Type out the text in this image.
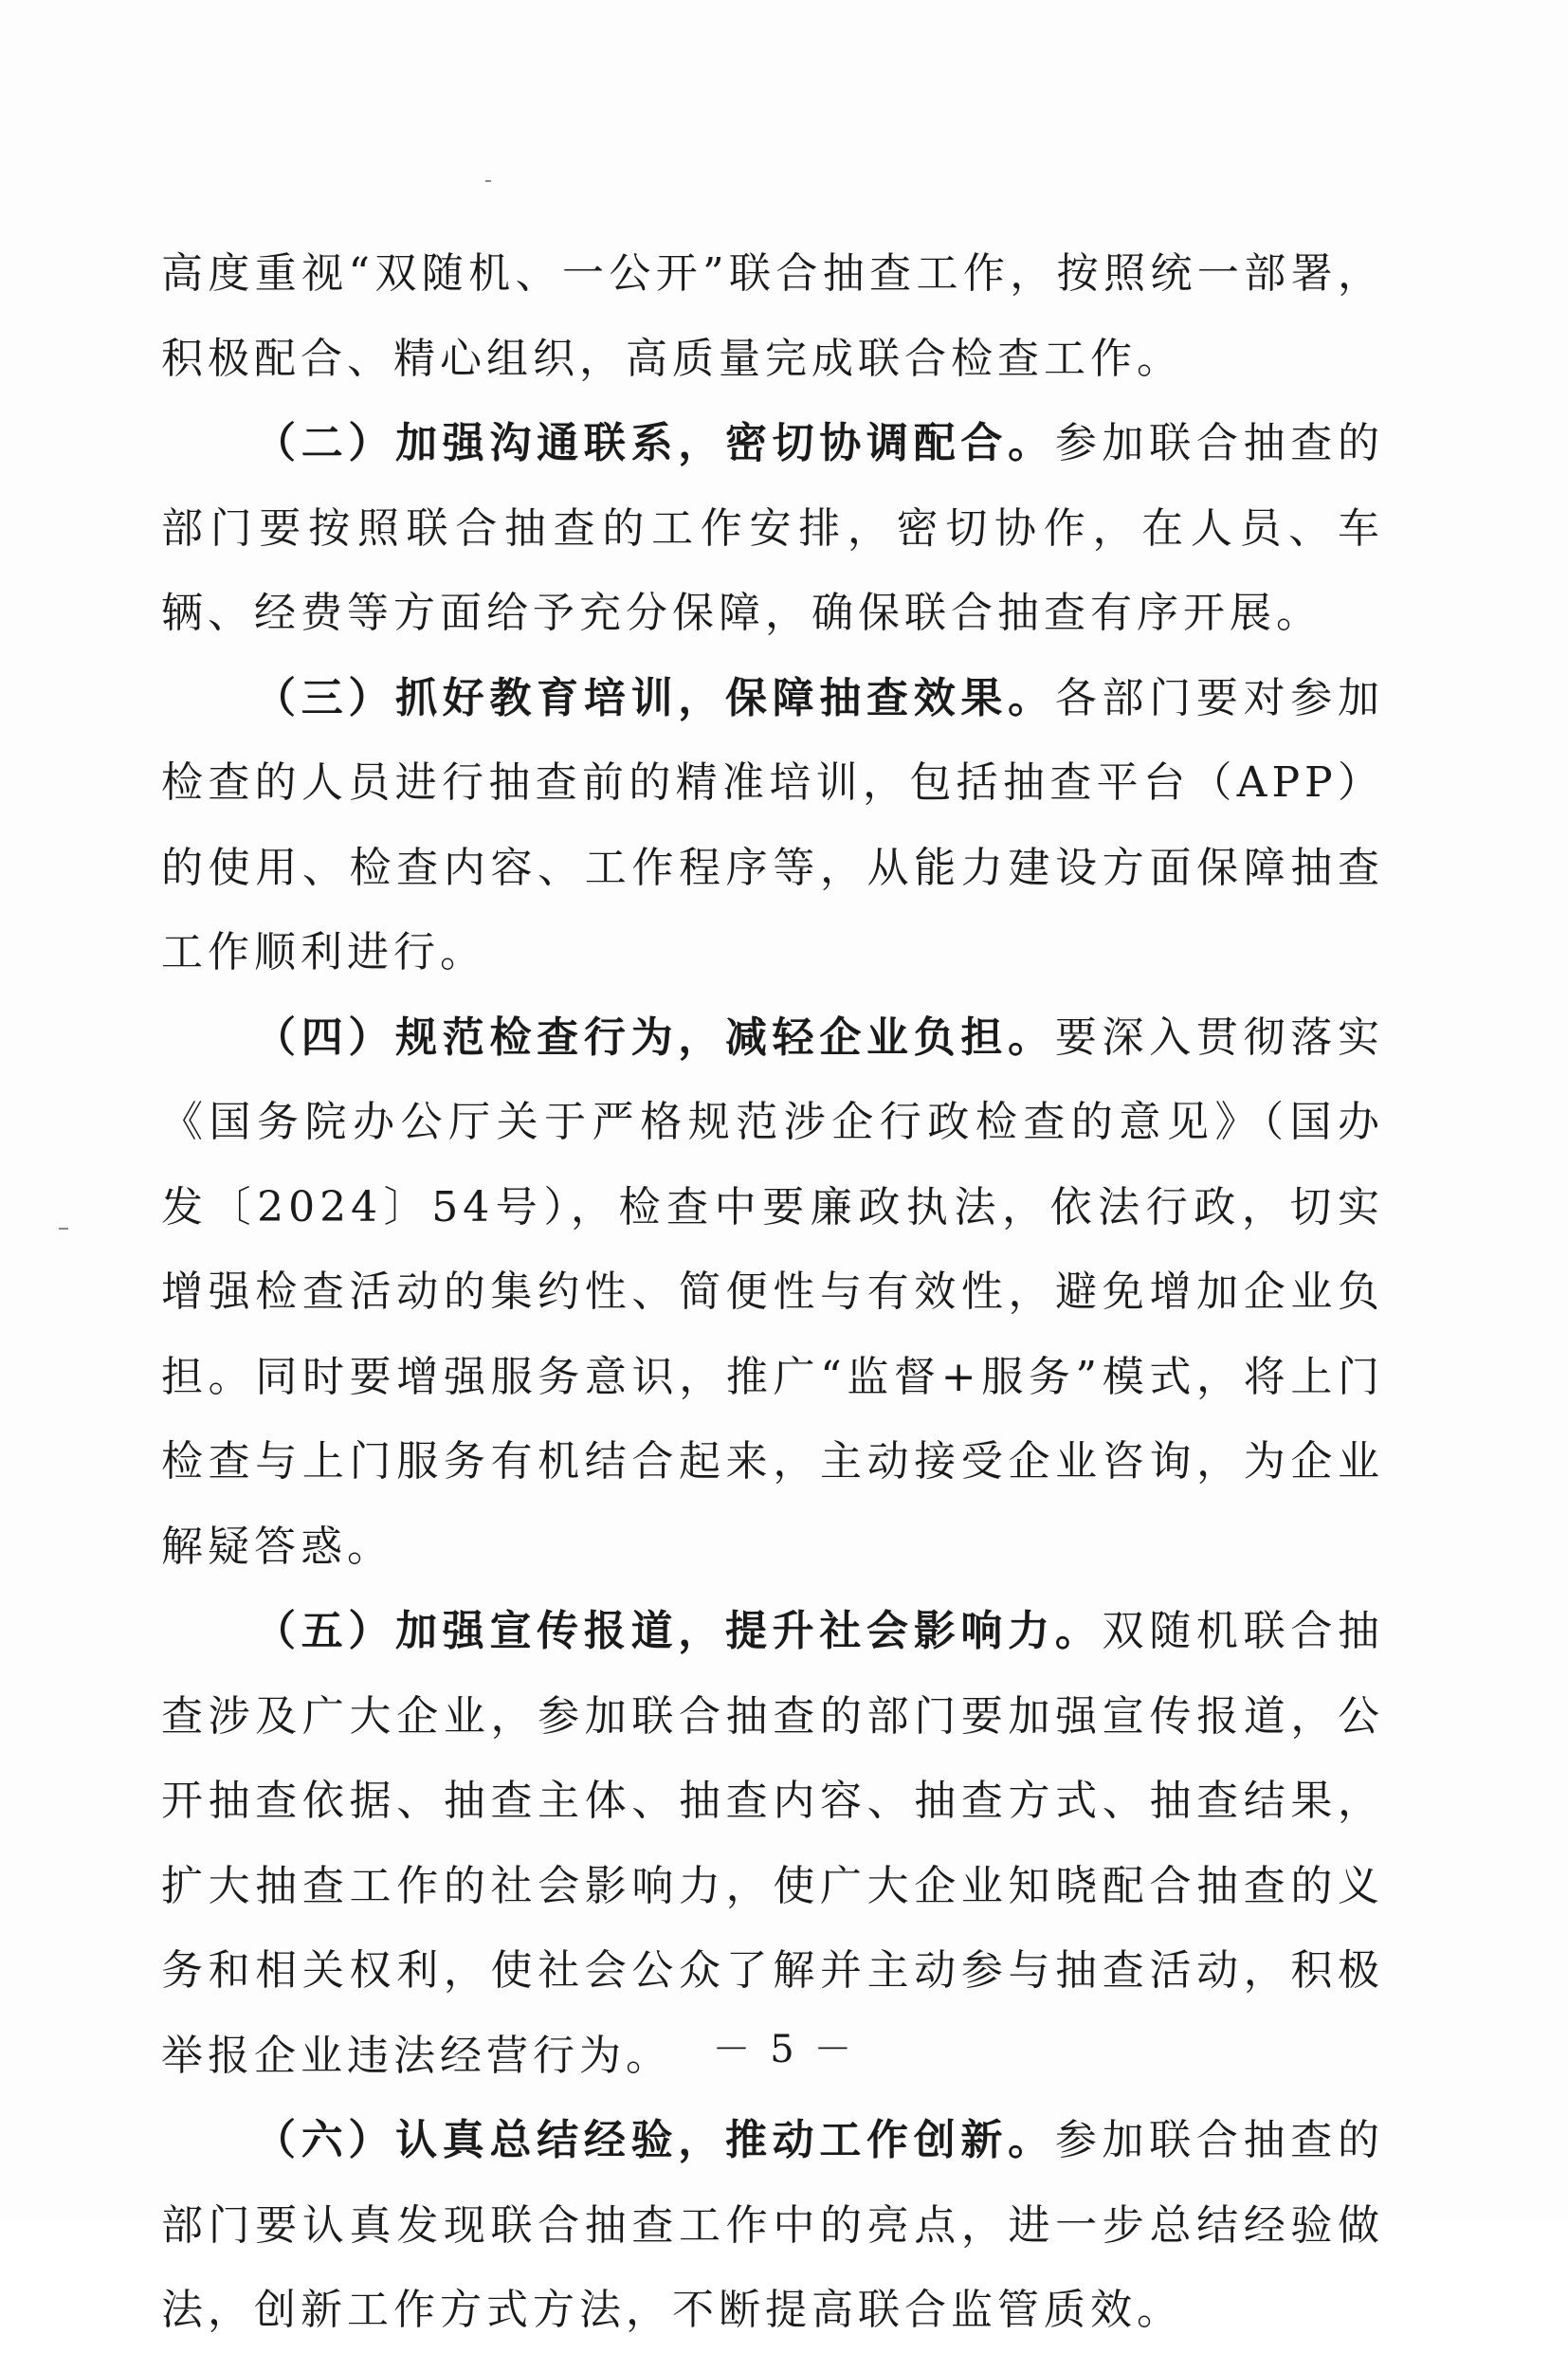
高度重视“双随机、一公开”联合抽查工作，按照统一部署，积极配合、精心组织，高质量完成联合检查工作。

（二）加强沟通联系，密切协调配合。参加联合抽查的部门要按照联合抽查的工作安排，密切协作，在人员、车辆、经费等方面给予充分保障，确保联合抽查有序开展。

（三）抓好教育培训，保障抽查效果。各部门要对参加检查的人员进行抽查前的精准培训，包括抽查平台（APP）的使用、检查内容、工作程序等，从能力建设方面保障抽查工作顺利进行。

（四）规范检查行为，减轻企业负担。要深入贯彻落实《国务院办公厅关于严格规范涉企行政检查的意见》（国办发〔2024〕54号），检查中要廉政执法，依法行政，切实增强检查活动的集约性、简便性与有效性，避免增加企业负担。同时要增强服务意识，推广“监督+服务”模式，将上门检查与上门服务有机结合起来，主动接受企业咨询，为企业解疑答惑。

（五）加强宣传报道，提升社会影响力。双随机联合抽查涉及广大企业，参加联合抽查的部门要加强宣传报道，公开抽查依据、抽查主体、抽查内容、抽查方式、抽查结果，扩大抽查工作的社会影响力，使广大企业知晓配合抽查的义务和相关权利，使社会公众了解并主动参与抽查活动，积极举报企业违法经营行为。

（六）认真总结经验，推动工作创新。参加联合抽查的部门要认真发现联合抽查工作中的亮点，进一步总结经验做法，创新工作方式方法，不断提高联合监管质效。

－ 5 －
